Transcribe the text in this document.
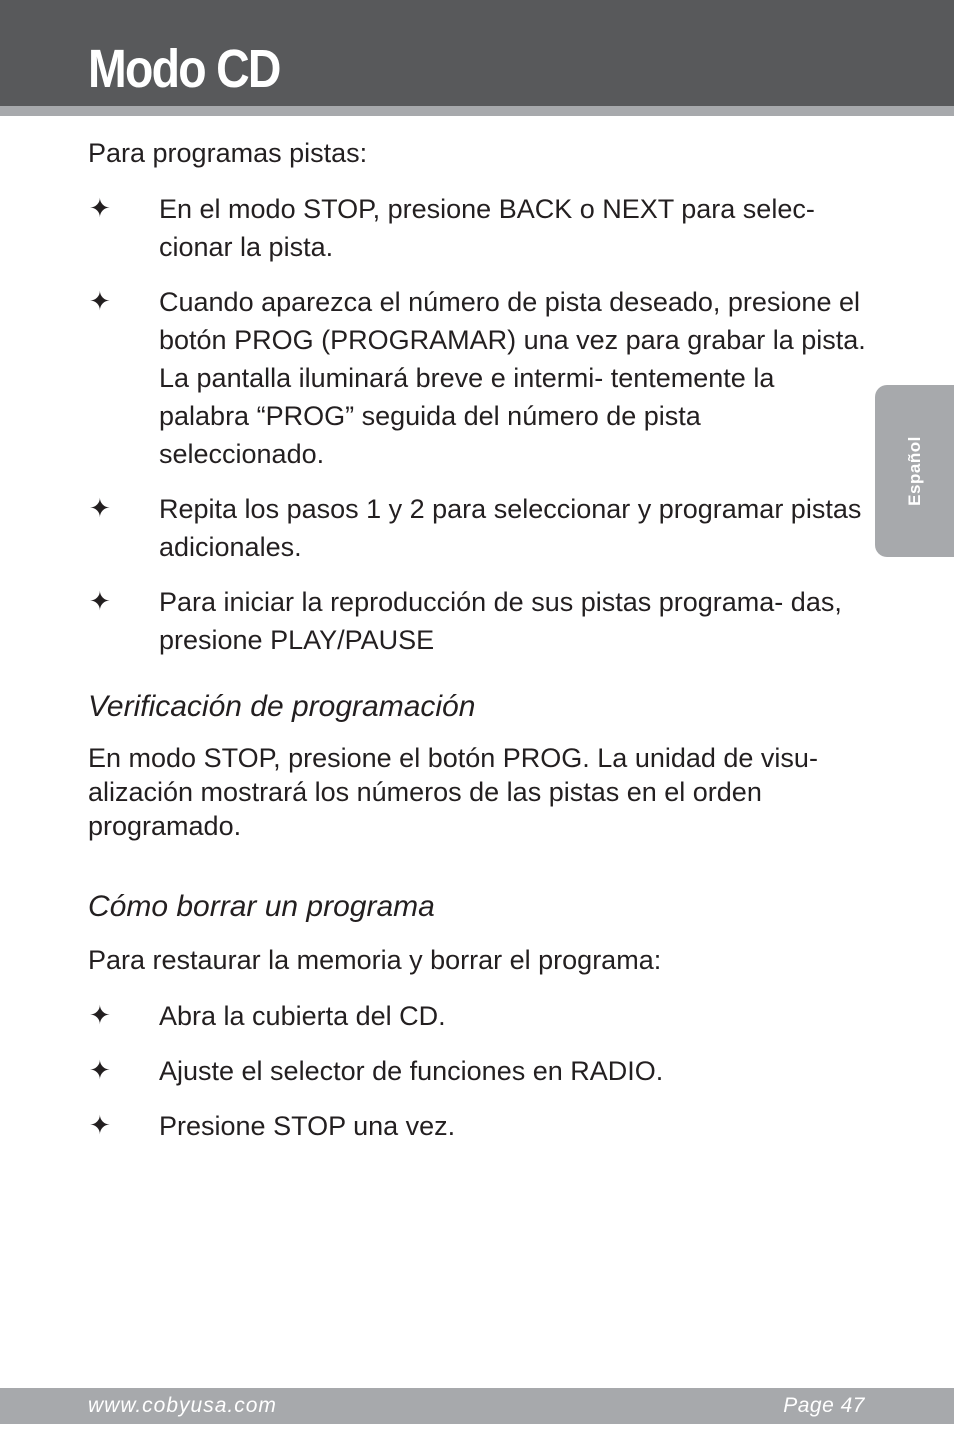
Modo CD
Español

Para programas pistas:

✦ En el modo STOP, presione BACK o NEXT para selec- cionar la pista.
✦ Cuando aparezca el número de pista deseado, presione el botón PROG (PROGRAMAR) una vez para grabar la pista. La pantalla iluminará breve e intermi- tentemente la palabra “PROG” seguida del número de pista seleccionado.
✦ Repita los pasos 1 y 2 para seleccionar y programar pistas adicionales.
✦ Para iniciar la reproducción de sus pistas programa- das, presione PLAY/PAUSE
Verificación de programación

En modo STOP, presione el botón PROG. La unidad de visu- alización mostrará los números de las pistas en el orden programado.

Cómo borrar un programa

Para restaurar la memoria y borrar el programa:

✦ Abra la cubierta del CD.
✦ Ajuste el selector de funciones en RADIO.
✦ Presione STOP una vez.
www.cobyusa.com	Page 47
